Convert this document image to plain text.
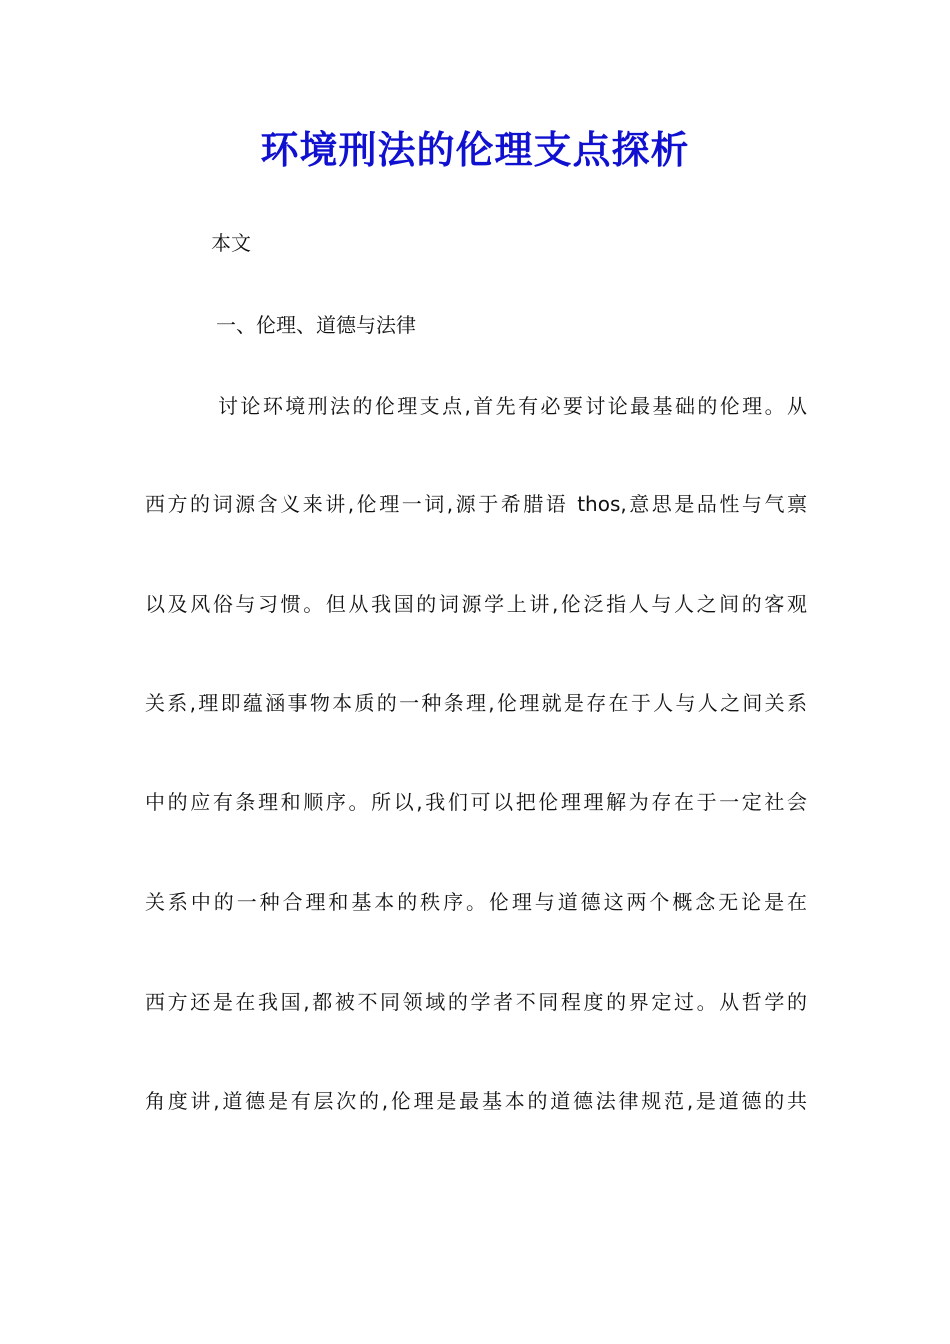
环境刑法的伦理支点探析

本文

一、伦理、道德与法律

讨论环境刑法的伦理支点,首先有必要讨论最基础的伦理。从

西方的词源含义来讲,伦理一词,源于希腊语 thos,意思是品性与气禀

以及风俗与习惯。但从我国的词源学上讲,伦泛指人与人之间的客观

关系,理即蕴涵事物本质的一种条理,伦理就是存在于人与人之间关系

中的应有条理和顺序。所以,我们可以把伦理理解为存在于一定社会

关系中的一种合理和基本的秩序。伦理与道德这两个概念无论是在

西方还是在我国,都被不同领域的学者不同程度的界定过。从哲学的

角度讲,道德是有层次的,伦理是最基本的道德法律规范,是道德的共
